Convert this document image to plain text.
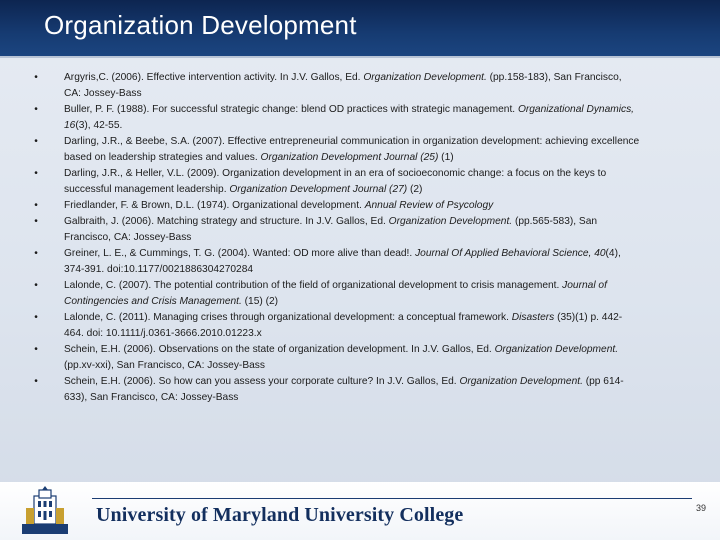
Organization Development
•	Argyris,C. (2006). Effective intervention activity. In J.V. Gallos, Ed. Organization Development. (pp.158-183), San Francisco, CA: Jossey-Bass
•	Buller, P. F. (1988). For successful strategic change: blend OD practices with strategic management. Organizational Dynamics, 16(3), 42-55.
•	Darling, J.R., & Beebe, S.A. (2007). Effective entrepreneurial communication in organization development: achieving excellence based on leadership strategies and values. Organization Development Journal (25) (1)
•	Darling, J.R., & Heller, V.L. (2009). Organization development in an era of socioeconomic change: a focus on the keys to successful management leadership. Organization Development Journal (27) (2)
•	Friedlander, F. & Brown, D.L. (1974). Organizational development. Annual Review of Psycology
•	Galbraith, J. (2006). Matching strategy and structure. In J.V. Gallos, Ed. Organization Development. (pp.565-583), San Francisco, CA: Jossey-Bass
•	Greiner, L. E., & Cummings, T. G. (2004). Wanted: OD more alive than dead!. Journal Of Applied Behavioral Science, 40(4), 374-391. doi:10.1177/0021886304270284
•	Lalonde, C. (2007). The potential contribution of the field of organizational development to crisis management. Journal of Contingencies and Crisis Management. (15) (2)
•	Lalonde, C. (2011). Managing crises through organizational development: a conceptual framework. Disasters (35)(1) p. 442-464. doi: 10.1111/j.0361-3666.2010.01223.x
•	Schein, E.H. (2006). Observations on the state of organization development. In J.V. Gallos, Ed. Organization Development. (pp.xv-xxi), San Francisco, CA: Jossey-Bass
•	Schein, E.H. (2006). So how can you assess your corporate culture? In J.V. Gallos, Ed. Organization Development. (pp 614-633), San Francisco, CA: Jossey-Bass
University of Maryland University College	39
